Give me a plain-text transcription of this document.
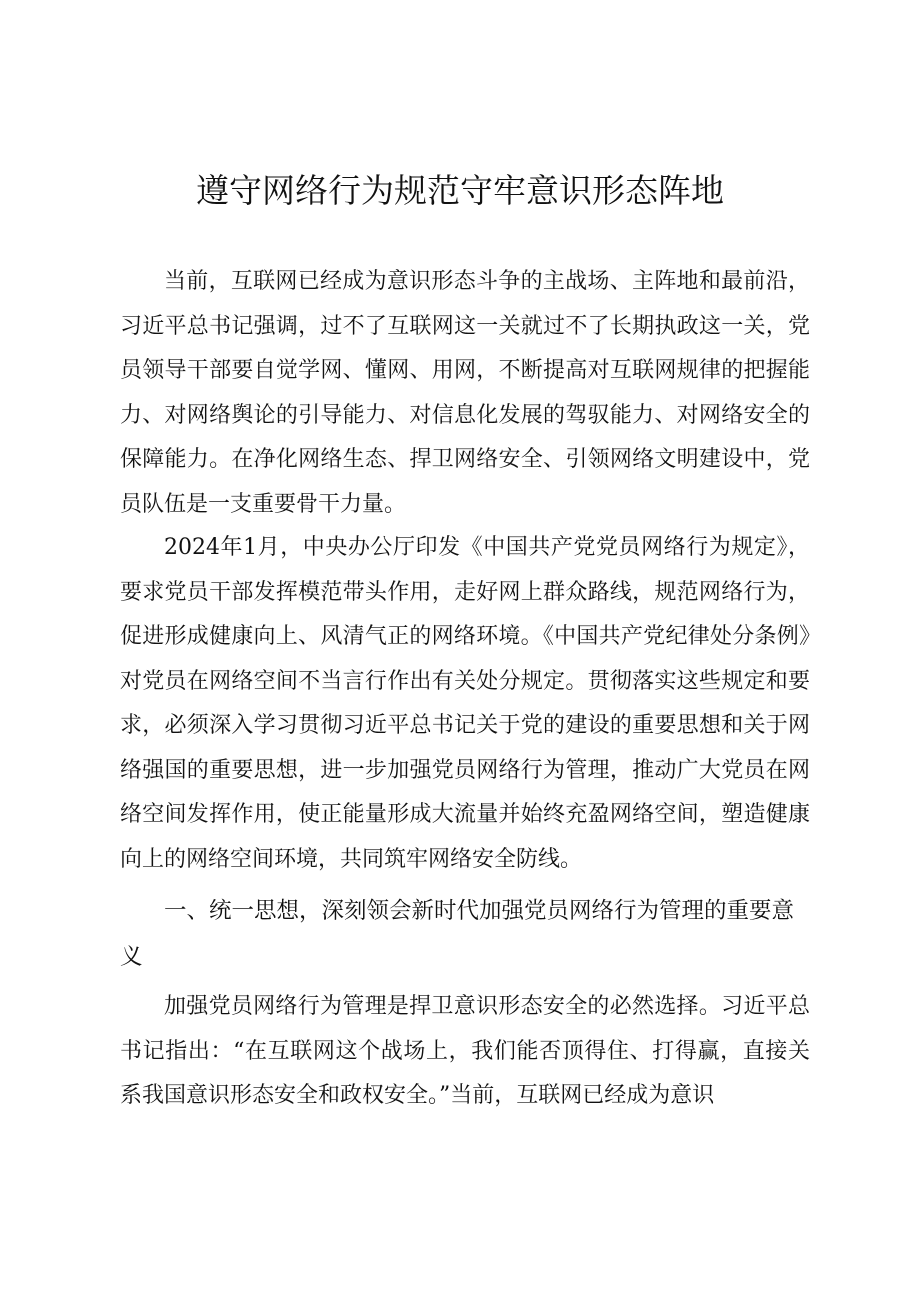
遵守网络行为规范守牢意识形态阵地

当前，互联网已经成为意识形态斗争的主战场、主阵地和最前沿，习近平总书记强调，过不了互联网这一关就过不了长期执政这一关，党员领导干部要自觉学网、懂网、用网，不断提高对互联网规律的把握能力、对网络舆论的引导能力、对信息化发展的驾驭能力、对网络安全的保障能力。在净化网络生态、捍卫网络安全、引领网络文明建设中，党员队伍是一支重要骨干力量。

2024年1月，中央办公厅印发《中国共产党党员网络行为规定》，要求党员干部发挥模范带头作用，走好网上群众路线，规范网络行为，促进形成健康向上、风清气正的网络环境。《中国共产党纪律处分条例》对党员在网络空间不当言行作出有关处分规定。贯彻落实这些规定和要求，必须深入学习贯彻习近平总书记关于党的建设的重要思想和关于网络强国的重要思想，进一步加强党员网络行为管理，推动广大党员在网络空间发挥作用，使正能量形成大流量并始终充盈网络空间，塑造健康向上的网络空间环境，共同筑牢网络安全防线。

一、统一思想，深刻领会新时代加强党员网络行为管理的重要意义

加强党员网络行为管理是捍卫意识形态安全的必然选择。习近平总书记指出：“在互联网这个战场上，我们能否顶得住、打得赢，直接关系我国意识形态安全和政权安全。”当前，互联网已经成为意识
